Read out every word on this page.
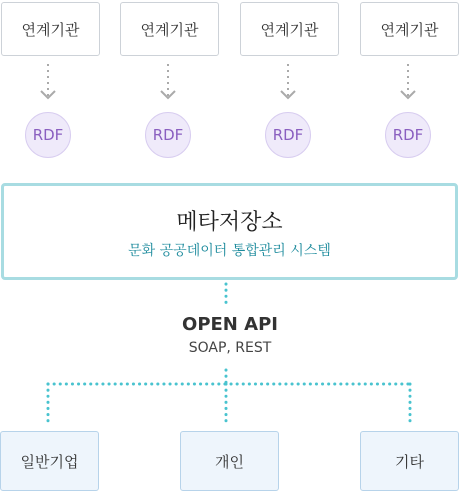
연계기관	연계기관	연계기관	연계기관
RDF	RDF	RDF	RDF
메타저장소
문화 공공데이터 통합관리 시스템
OPEN API
SOAP, REST
일반기업	개인	기타
